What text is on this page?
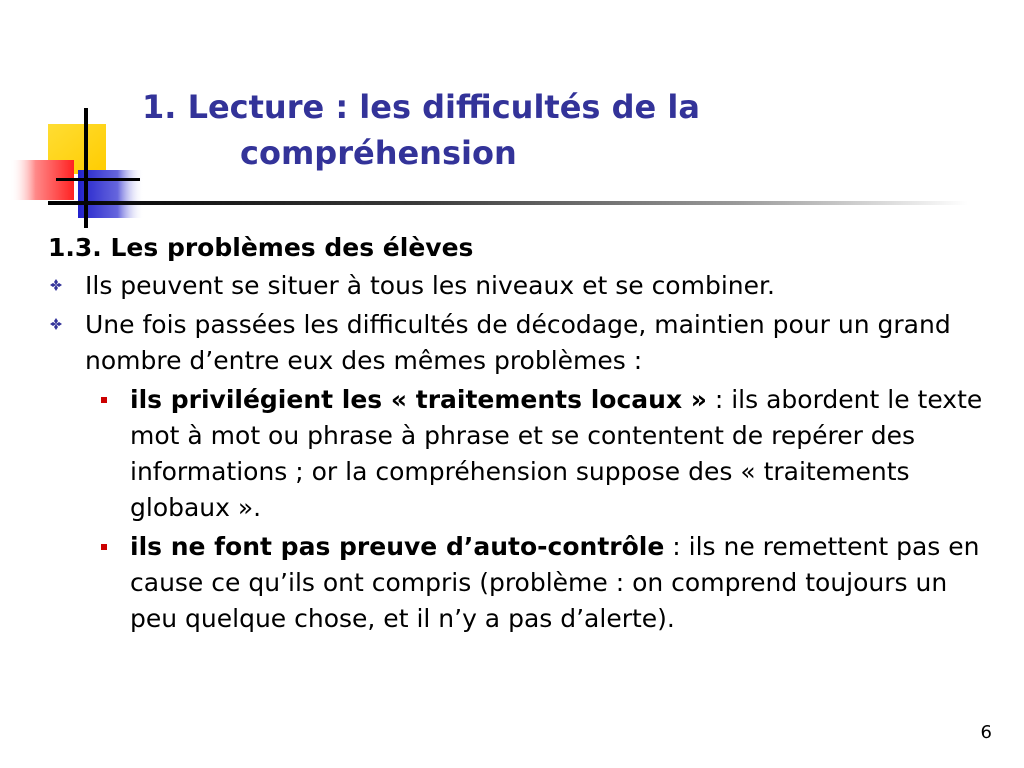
1. Lecture : les difficultés de la
compréhension
1.3. Les problèmes des élèves
Ils peuvent se situer à tous les niveaux et se combiner.
Une fois passées les difficultés de décodage, maintien pour un grand nombre d’entre eux des mêmes problèmes :
ils privilégient les « traitements locaux » : ils abordent le texte mot à mot ou phrase à phrase et se contentent de repérer des informations ; or la compréhension suppose des « traitements globaux ».
ils ne font pas preuve d’auto-contrôle : ils ne remettent pas en cause ce qu’ils ont compris (problème : on comprend toujours un peu quelque chose, et il n’y a pas d’alerte).
6
